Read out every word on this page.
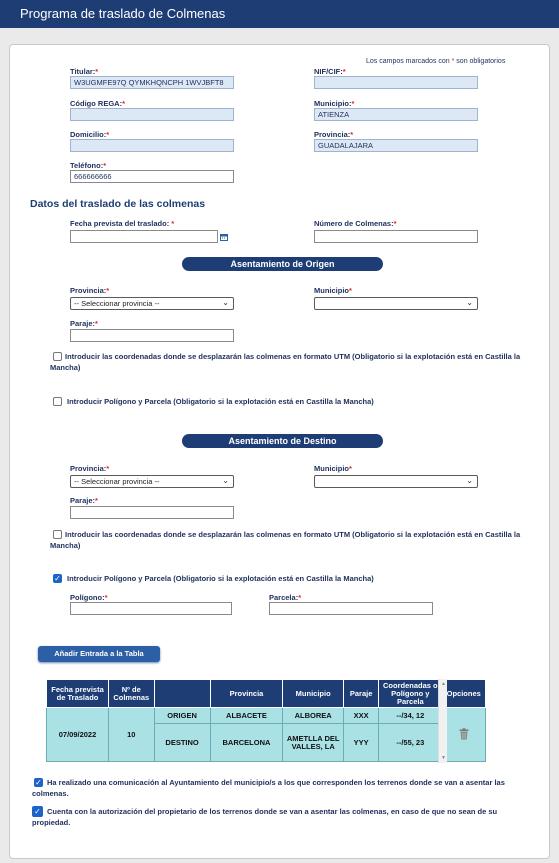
Programa de traslado de Colmenas
Los campos marcados con * son obligatorios
Titular:*
W3UGMFE97Q QYMKHQNCPH 1WVJBFT8
NIF/CIF:*
Código REGA:*	Municipio:*
ATIENZA
Domicilio:*	Provincia:*
GUADALAJARA
Teléfono:*
666666666
Datos del traslado de las colmenas
Fecha prevista del traslado: *	Número de Colmenas:*
Asentamiento de Origen
Provincia:*
-- Seleccionar provincia --	⌄
Municipio*
⌄
Paraje:*
Introducir las coordenadas donde se desplazarán las colmenas en formato UTM (Obligatorio si la explotación está en Castilla la Mancha)
Introducir Polígono y Parcela (Obligatorio si la explotación está en Castilla la Mancha)
Asentamiento de Destino
Provincia:*
-- Seleccionar provincia --	⌄
Municipio*
⌄
Paraje:*
Introducir las coordenadas donde se desplazarán las colmenas en formato UTM (Obligatorio si la explotación está en Castilla la Mancha)
✓ Introducir Polígono y Parcela (Obligatorio si la explotación está en Castilla la Mancha)
Polígono:*	Parcela:*
Añadir Entrada a la Tabla
Fecha prevista de Traslado	Nº de Colmenas		Provincia	Municipio	Paraje	Coordenadas o Polígono y Parcela	Opciones
07/09/2022	10	ORIGEN	ALBACETE	ALBOREA	XXX	--/34, 12	
		DESTINO	BARCELONA	AMETLLA DEL VALLES, LA	YYY	--/55, 23	
▲
▼
✓ Ha realizado una comunicación al Ayuntamiento del municipio/s a los que corresponden los terrenos donde se van a asentar las colmenas.
✓ Cuenta con la autorización del propietario de los terrenos donde se van a asentar las colmenas, en caso de que no sean de su propiedad.
